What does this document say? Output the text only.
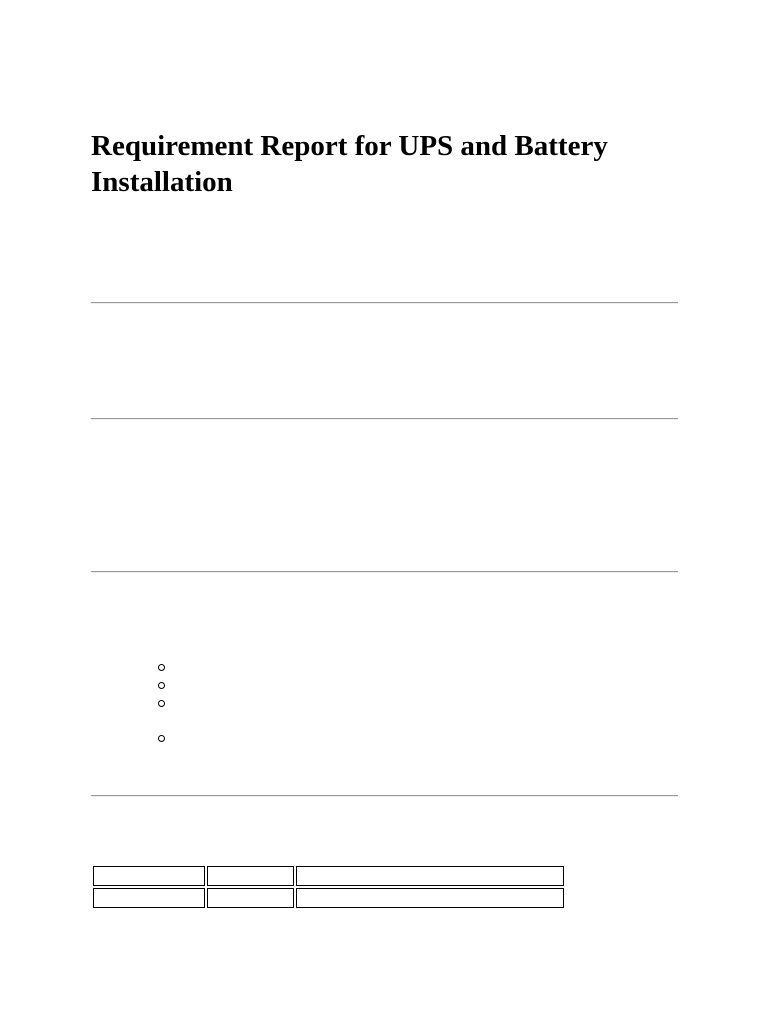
Requirement Report for UPS and Battery Installation
